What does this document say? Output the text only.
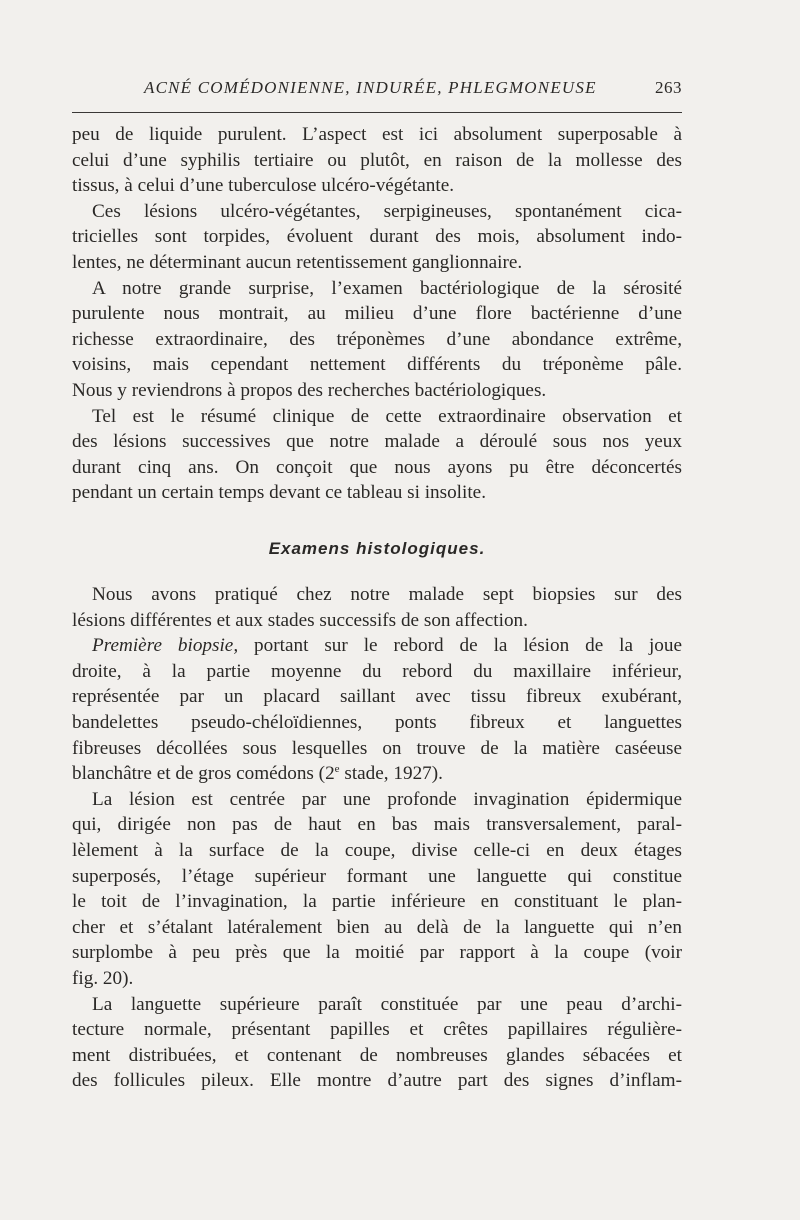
ACNÉ COMÉDONIENNE, INDURÉE, PHLEGMONEUSE	263
peu de liquide purulent. L’aspect est ici absolument superposable à
celui d’une syphilis tertiaire ou plutôt, en raison de la mollesse des
tissus, à celui d’une tuberculose ulcéro-végétante.
Ces lésions ulcéro-végétantes, serpigineuses, spontanément cica-
tricielles sont torpides, évoluent durant des mois, absolument indo-
lentes, ne déterminant aucun retentissement ganglionnaire.
A notre grande surprise, l’examen bactériologique de la sérosité
purulente nous montrait, au milieu d’une flore bactérienne d’une
richesse extraordinaire, des tréponèmes d’une abondance extrême,
voisins, mais cependant nettement différents du tréponème pâle.
Nous y reviendrons à propos des recherches bactériologiques.
Tel est le résumé clinique de cette extraordinaire observation et
des lésions successives que notre malade a déroulé sous nos yeux
durant cinq ans. On conçoit que nous ayons pu être déconcertés
pendant un certain temps devant ce tableau si insolite.
Examens histologiques.
Nous avons pratiqué chez notre malade sept biopsies sur des
lésions différentes et aux stades successifs de son affection.
Première biopsie, portant sur le rebord de la lésion de la joue
droite, à la partie moyenne du rebord du maxillaire inférieur,
représentée par un placard saillant avec tissu fibreux exubérant,
bandelettes pseudo-chéloïdiennes, ponts fibreux et languettes
fibreuses décollées sous lesquelles on trouve de la matière caséeuse
blanchâtre et de gros comédons (2e stade, 1927).
La lésion est centrée par une profonde invagination épidermique
qui, dirigée non pas de haut en bas mais transversalement, paral-
lèlement à la surface de la coupe, divise celle-ci en deux étages
superposés, l’étage supérieur formant une languette qui constitue
le toit de l’invagination, la partie inférieure en constituant le plan-
cher et s’étalant latéralement bien au delà de la languette qui n’en
surplombe à peu près que la moitié par rapport à la coupe (voir
fig. 20).
La languette supérieure paraît constituée par une peau d’archi-
tecture normale, présentant papilles et crêtes papillaires régulière-
ment distribuées, et contenant de nombreuses glandes sébacées et
des follicules pileux. Elle montre d’autre part des signes d’inflam-
